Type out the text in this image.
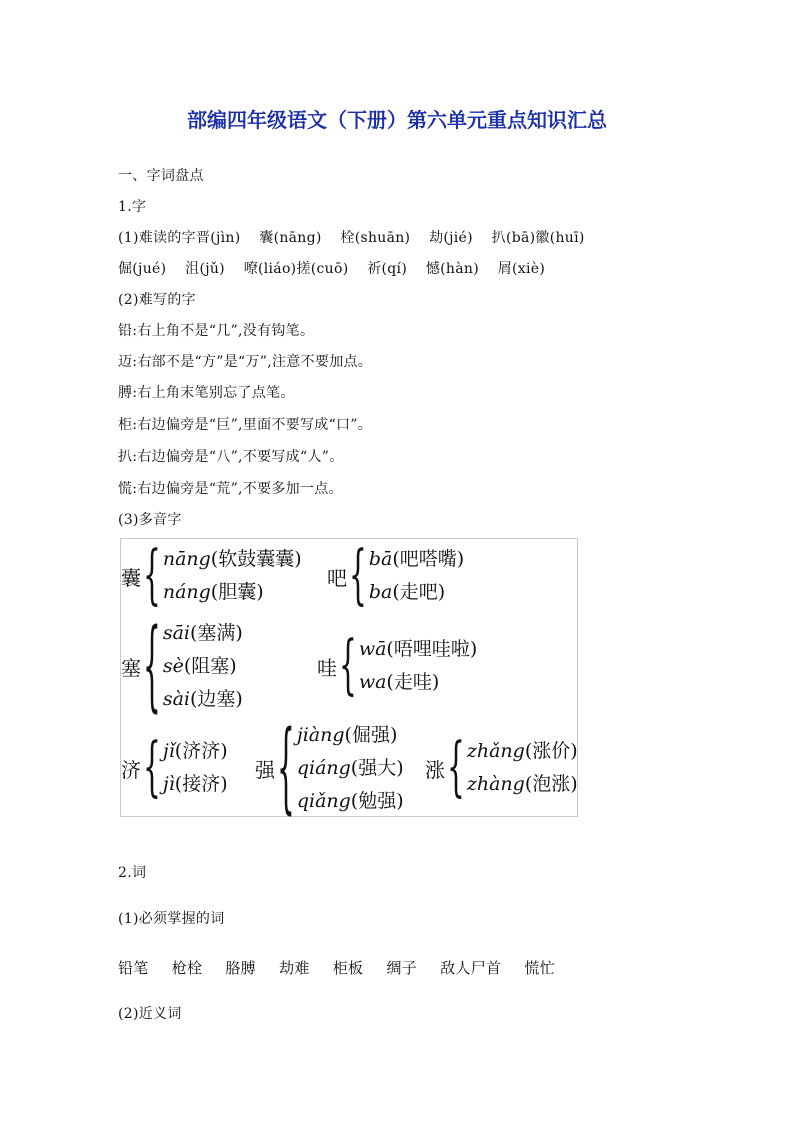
部编四年级语文（下册）第六单元重点知识汇总
一、字词盘点
1.字
(1)难读的字晋(jìn) 囊(nāng) 栓(shuān) 劫(jié) 扒(bā)徽(huī)
倔(jué) 沮(jǔ) 嘹(liáo)搓(cuō) 祈(qí) 憾(hàn) 屑(xiè)
(2)难写的字
铅:右上角不是“几”,没有钩笔。
迈:右部不是“方”是“万”,注意不要加点。
膊:右上角末笔别忘了点笔。
柜:右边偏旁是“巨”,里面不要写成“口”。
扒:右边偏旁是“八”,不要写成“人”。
慌:右边偏旁是“荒”,不要多加一点。
(3)多音字
囊 { nāng(软鼓囊囊)
náng(胆囊)
吧 { bā(吧嗒嘴)
ba(走吧)
塞 { sāi(塞满)
sè(阻塞)
sài(边塞)
哇 { wā(唔哩哇啦)
wa(走哇)
济 { jǐ(济济)
jì(接济)
强 { jiàng(倔强)
qiáng(强大)
qiǎng(勉强)
涨 { zhǎng(涨价)
zhàng(泡涨)
2.词
(1)必须掌握的词
铅笔 枪栓 胳膊 劫难 柜板 绸子 敌人尸首 慌忙
(2)近义词
